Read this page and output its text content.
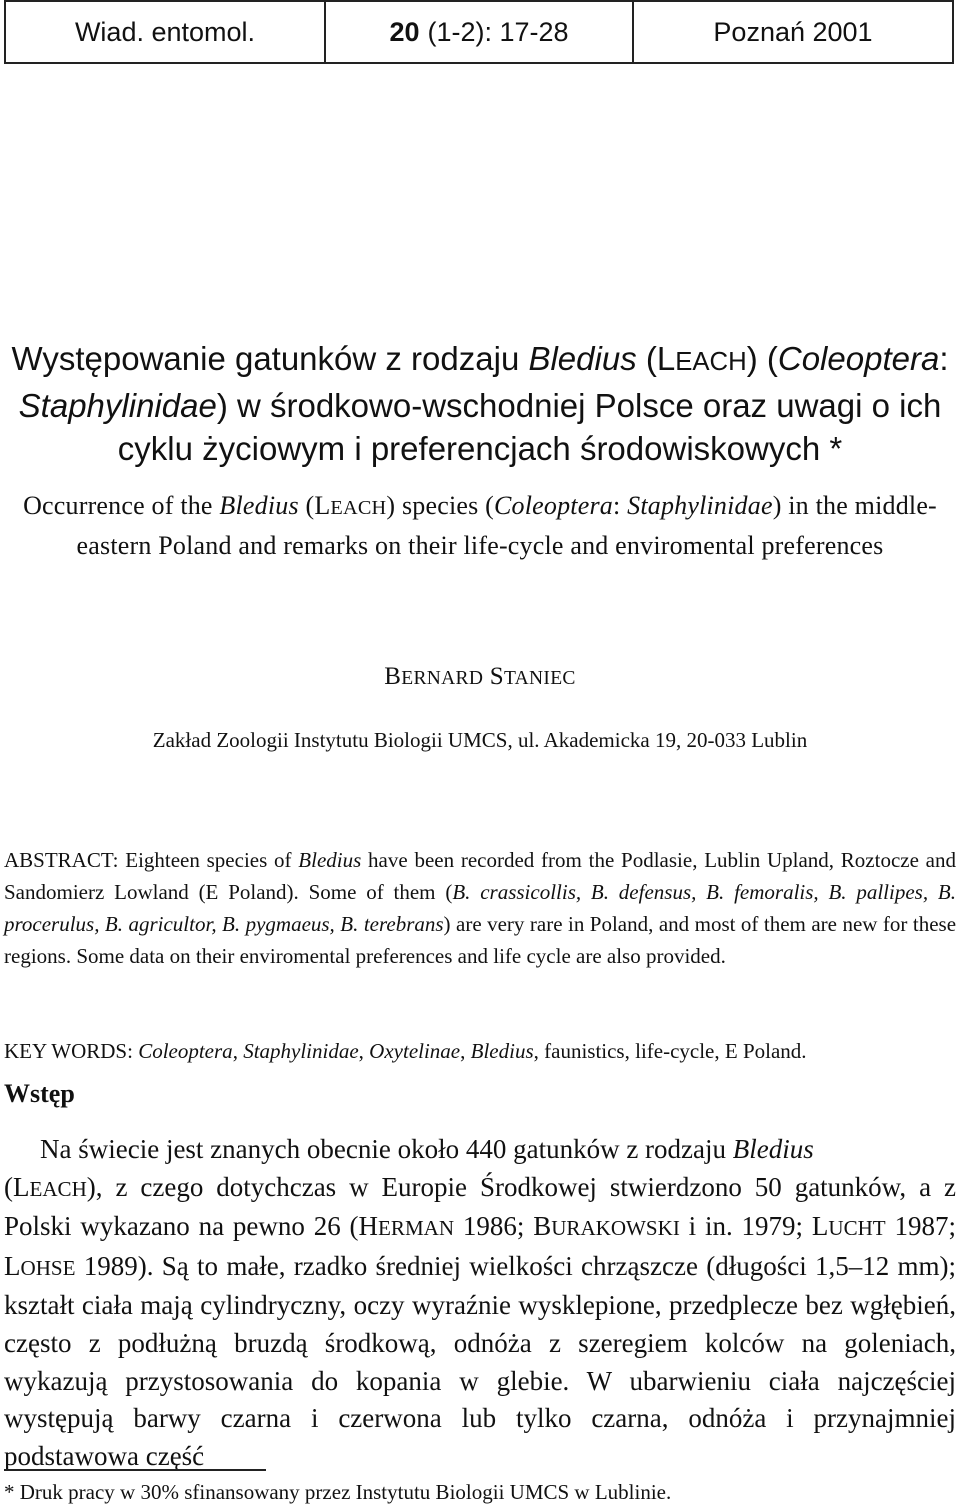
Wiad. entomol.	20 (1-2): 17-28	Poznań 2001
Występowanie gatunków z rodzaju Bledius (LEACH) (Coleoptera:
Staphylinidae) w środkowo-wschodniej Polsce oraz uwagi o ich cyklu życiowym i preferencjach środowiskowych *
Occurrence of the Bledius (LEACH) species (Coleoptera: Staphylinidae) in the middle-eastern Poland and remarks on their life-cycle and enviromental preferences
BERNARD STANIEC
Zakład Zoologii Instytutu Biologii UMCS, ul. Akademicka 19, 20-033 Lublin
ABSTRACT: Eighteen species of Bledius have been recorded from the Podlasie, Lublin Upland, Roztocze and Sandomierz Lowland (E Poland). Some of them (B. crassicollis, B. defensus, B. femoralis, B. pallipes, B. procerulus, B. agricultor, B. pygmaeus, B. terebrans) are very rare in Poland, and most of them are new for these regions. Some data on their enviromental preferences and life cycle are also provided.
KEY WORDS: Coleoptera, Staphylinidae, Oxytelinae, Bledius, faunistics, life-cycle, E Poland.
Wstęp

Na świecie jest znanych obecnie około 440 gatunków z rodzaju Bledius
(LEACH), z czego dotychczas w Europie Środkowej stwierdzono 50 gatunków, a z Polski wykazano na pewno 26 (HERMAN 1986; BURAKOWSKI i in. 1979; LUCHT 1987; LOHSE 1989). Są to małe, rzadko średniej wielkości chrząszcze (długości 1,5–12 mm); kształt ciała mają cylindryczny, oczy wyraźnie wysklepione, przedplecze bez wgłębień, często z podłużną bruzdą środkową, odnóża z szeregiem kolców na goleniach, wykazują przystosowania do kopania w glebie. W ubarwieniu ciała najczęściej występują barwy czarna i czerwona lub tylko czarna, odnóża i przynajmniej podstawowa część

* Druk pracy w 30% sfinansowany przez Instytutu Biologii UMCS w Lublinie.
